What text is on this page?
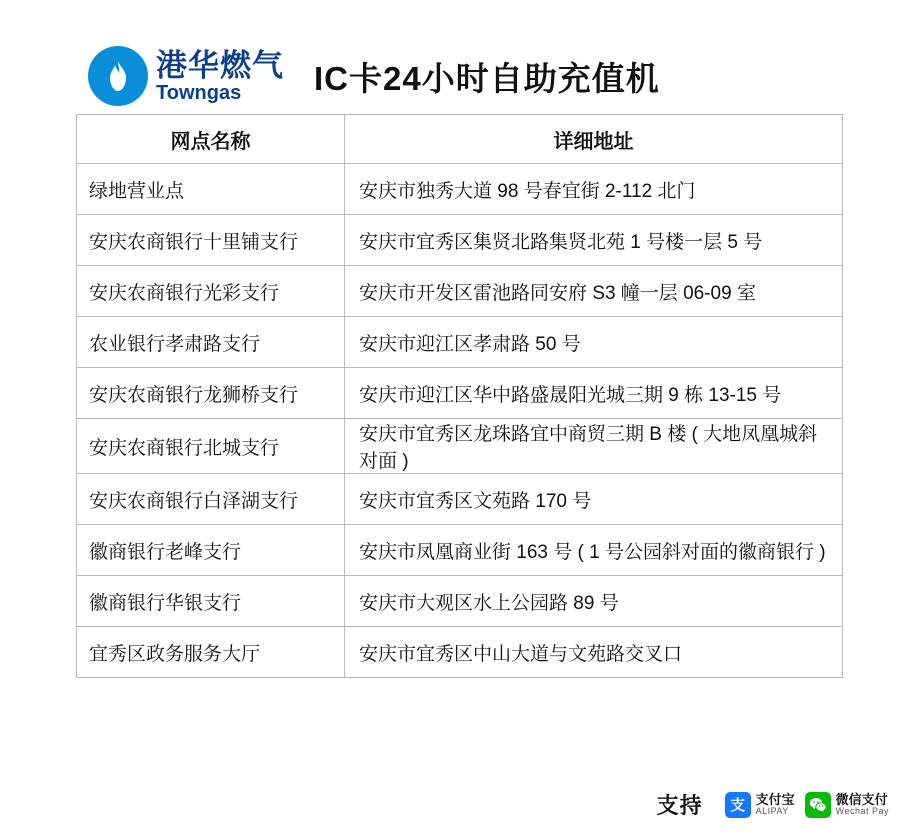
港华燃气
Towngas	IC卡24小时自助充值机
网点名称	详细地址
绿地营业点	安庆市独秀大道 98 号春宜街 2-112 北门
安庆农商银行十里铺支行	安庆市宜秀区集贤北路集贤北苑 1 号楼一层 5 号
安庆农商银行光彩支行	安庆市开发区雷池路同安府 S3 幢一层 06-09 室
农业银行孝肃路支行	安庆市迎江区孝肃路 50 号
安庆农商银行龙狮桥支行	安庆市迎江区华中路盛晟阳光城三期 9 栋 13-15 号
安庆农商银行北城支行	安庆市宜秀区龙珠路宜中商贸三期 B 楼 ( 大地凤凰城斜对面 )
安庆农商银行白泽湖支行	安庆市宜秀区文苑路 170 号
徽商银行老峰支行	安庆市凤凰商业街 163 号 ( 1 号公园斜对面的徽商银行 )
徽商银行华银支行	安庆市大观区水上公园路 89 号
宜秀区政务服务大厅	安庆市宜秀区中山大道与文苑路交叉口
支持 支 支付宝
ALIPAY
微信支付
Wechat Pay
